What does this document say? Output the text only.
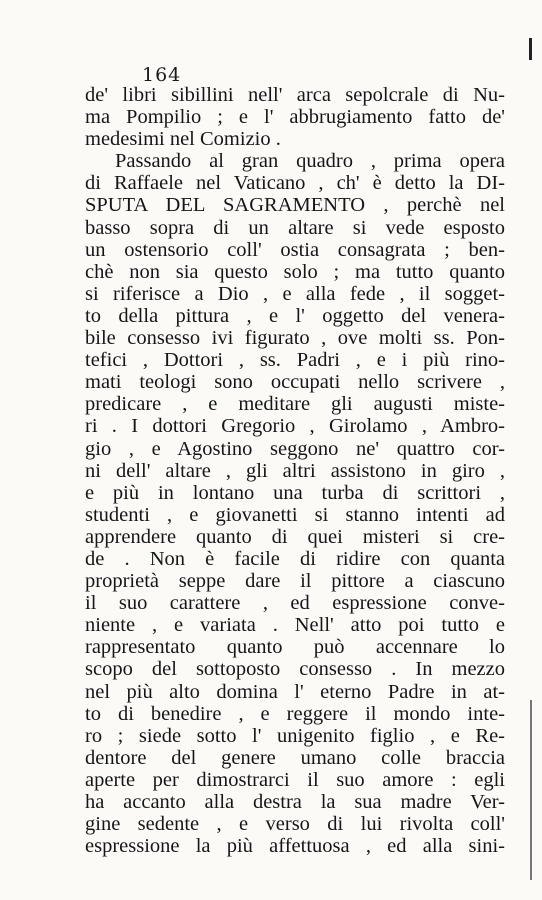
164
de' libri sibillini nell' arca sepolcrale di Nu-
ma Pompilio ; e l' abbrugiamento fatto de'
medesimi nel Comizio .
Passando al gran quadro , prima opera
di Raffaele nel Vaticano , ch' è detto la DI-
SPUTA DEL SAGRAMENTO , perchè nel
basso sopra di un altare si vede esposto
un ostensorio coll' ostia consagrata ; ben-
chè non sia questo solo ; ma tutto quanto
si riferisce a Dio , e alla fede , il sogget-
to della pittura , e l' oggetto del venera-
bile consesso ivi figurato , ove molti ss. Pon-
tefici , Dottori , ss. Padri , e i più rino-
mati teologi sono occupati nello scrivere ,
predicare , e meditare gli augusti miste-
ri . I dottori Gregorio , Girolamo , Ambro-
gio , e Agostino seggono ne' quattro cor-
ni dell' altare , gli altri assistono in giro ,
e più in lontano una turba di scrittori ,
studenti , e giovanetti si stanno intenti ad
apprendere quanto di quei misteri si cre-
de . Non è facile di ridire con quanta
proprietà seppe dare il pittore a ciascuno
il suo carattere , ed espressione conve-
niente , e variata . Nell' atto poi tutto e
rappresentato quanto può accennare lo
scopo del sottoposto consesso . In mezzo
nel più alto domina l' eterno Padre in at-
to di benedire , e reggere il mondo inte-
ro ; siede sotto l' unigenito figlio , e Re-
dentore del genere umano colle braccia
aperte per dimostrarci il suo amore : egli
ha accanto alla destra la sua madre Ver-
gine sedente , e verso di lui rivolta coll'
espressione la più affettuosa , ed alla sini-
